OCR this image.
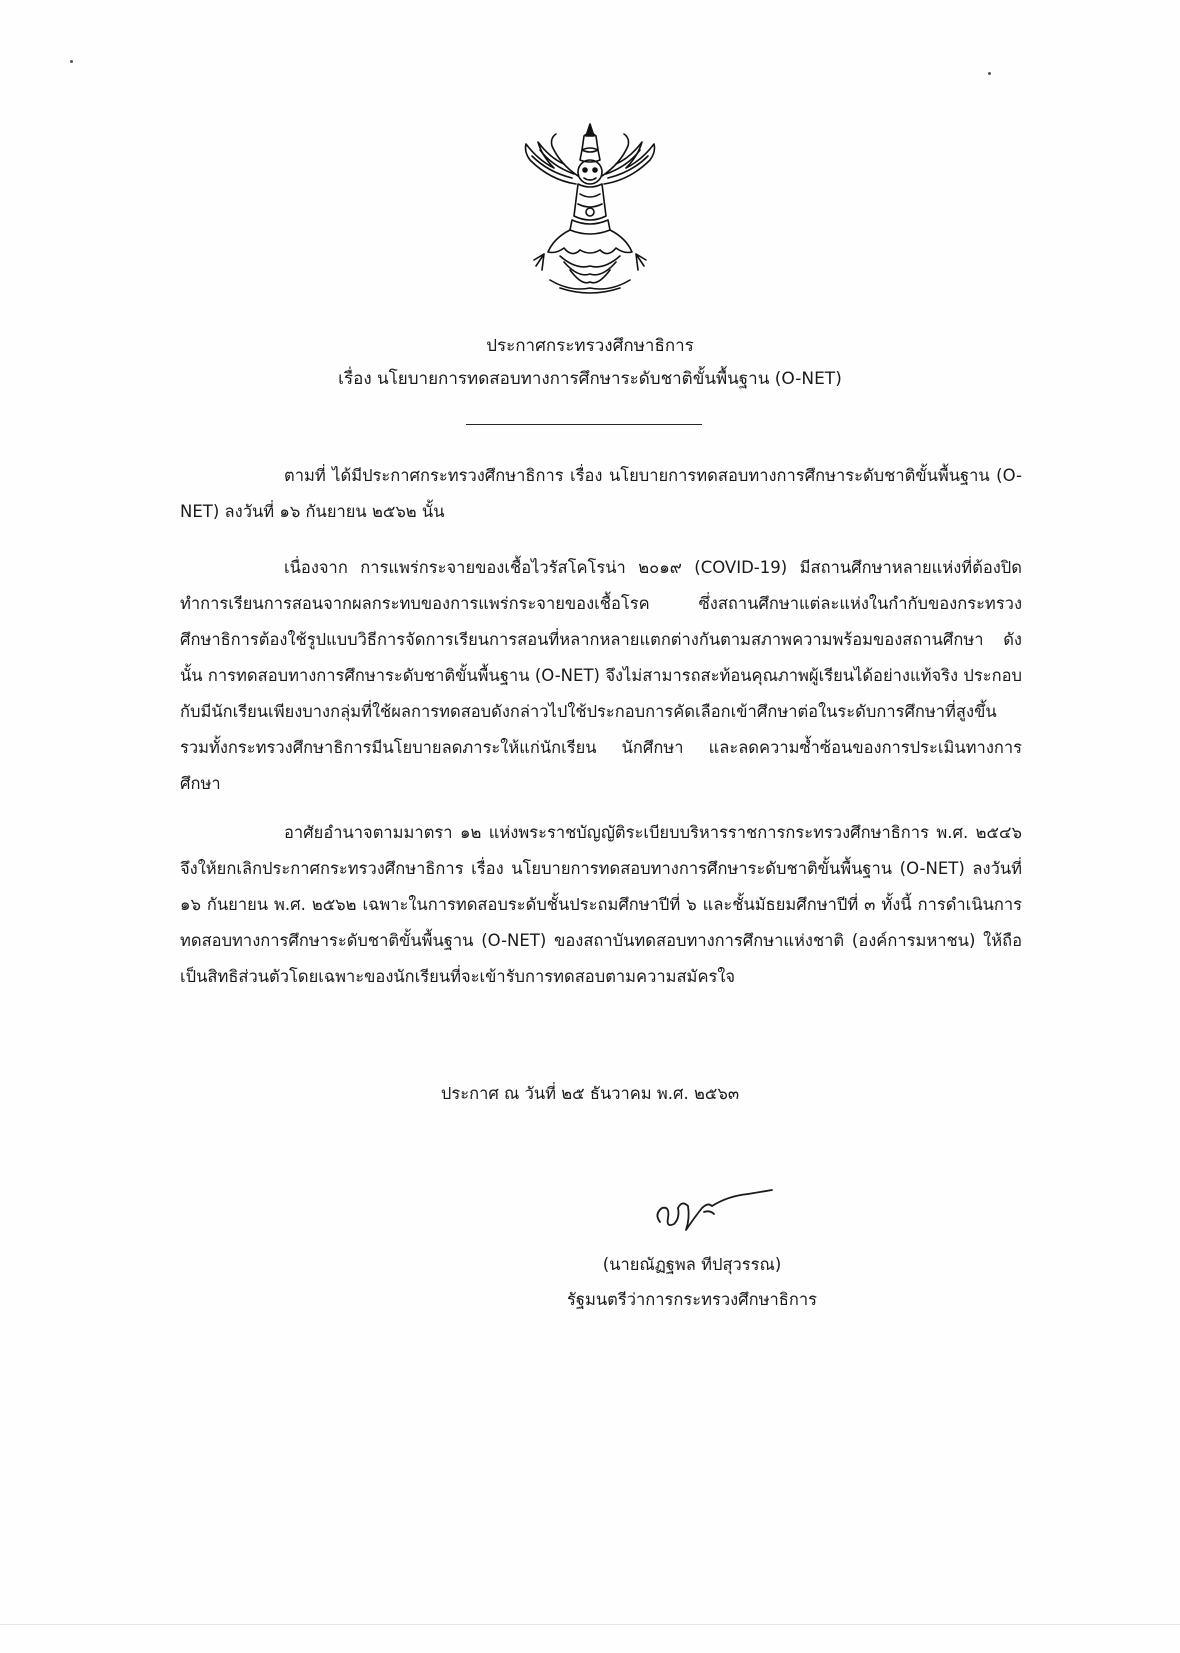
ประกาศกระทรวงศึกษาธิการ
เรื่อง นโยบายการทดสอบทางการศึกษาระดับชาติขั้นพื้นฐาน (O-NET)

ตามที่ ได้มีประกาศกระทรวงศึกษาธิการ เรื่อง นโยบายการทดสอบทางการศึกษาระดับชาติขั้นพื้นฐาน (O-NET) ลงวันที่ ๑๖ กันยายน ๒๕๖๒ นั้น

เนื่องจาก การแพร่กระจายของเชื้อไวรัสโคโรน่า ๒๐๑๙ (COVID-19) มีสถานศึกษาหลายแห่งที่ต้องปิดทำการเรียนการสอนจากผลกระทบของการแพร่กระจายของเชื้อโรค ซึ่งสถานศึกษาแต่ละแห่งในกำกับของกระทรวงศึกษาธิการต้องใช้รูปแบบวิธีการจัดการเรียนการสอนที่หลากหลายแตกต่างกันตามสภาพความพร้อมของสถานศึกษา ดังนั้น การทดสอบทางการศึกษาระดับชาติขั้นพื้นฐาน (O-NET) จึงไม่สามารถสะท้อนคุณภาพผู้เรียนได้อย่างแท้จริง ประกอบกับมีนักเรียนเพียงบางกลุ่มที่ใช้ผลการทดสอบดังกล่าวไปใช้ประกอบการคัดเลือกเข้าศึกษาต่อในระดับการศึกษาที่สูงขึ้น รวมทั้งกระทรวงศึกษาธิการมีนโยบายลดภาระให้แก่นักเรียน นักศึกษา และลดความซ้ำซ้อนของการประเมินทางการศึกษา

อาศัยอำนาจตามมาตรา ๑๒ แห่งพระราชบัญญัติระเบียบบริหารราชการกระทรวงศึกษาธิการ พ.ศ. ๒๕๔๖ จึงให้ยกเลิกประกาศกระทรวงศึกษาธิการ เรื่อง นโยบายการทดสอบทางการศึกษาระดับชาติขั้นพื้นฐาน (O-NET) ลงวันที่ ๑๖ กันยายน พ.ศ. ๒๕๖๒ เฉพาะในการทดสอบระดับชั้นประถมศึกษาปีที่ ๖ และชั้นมัธยมศึกษาปีที่ ๓ ทั้งนี้ การดำเนินการทดสอบทางการศึกษาระดับชาติขั้นพื้นฐาน (O-NET) ของสถาบันทดสอบทางการศึกษาแห่งชาติ (องค์การมหาชน) ให้ถือเป็นสิทธิส่วนตัวโดยเฉพาะของนักเรียนที่จะเข้ารับการทดสอบตามความสมัครใจ

ประกาศ ณ วันที่ ๒๕ ธันวาคม พ.ศ. ๒๕๖๓
(นายณัฏฐพล ทีปสุวรรณ)
รัฐมนตรีว่าการกระทรวงศึกษาธิการ
